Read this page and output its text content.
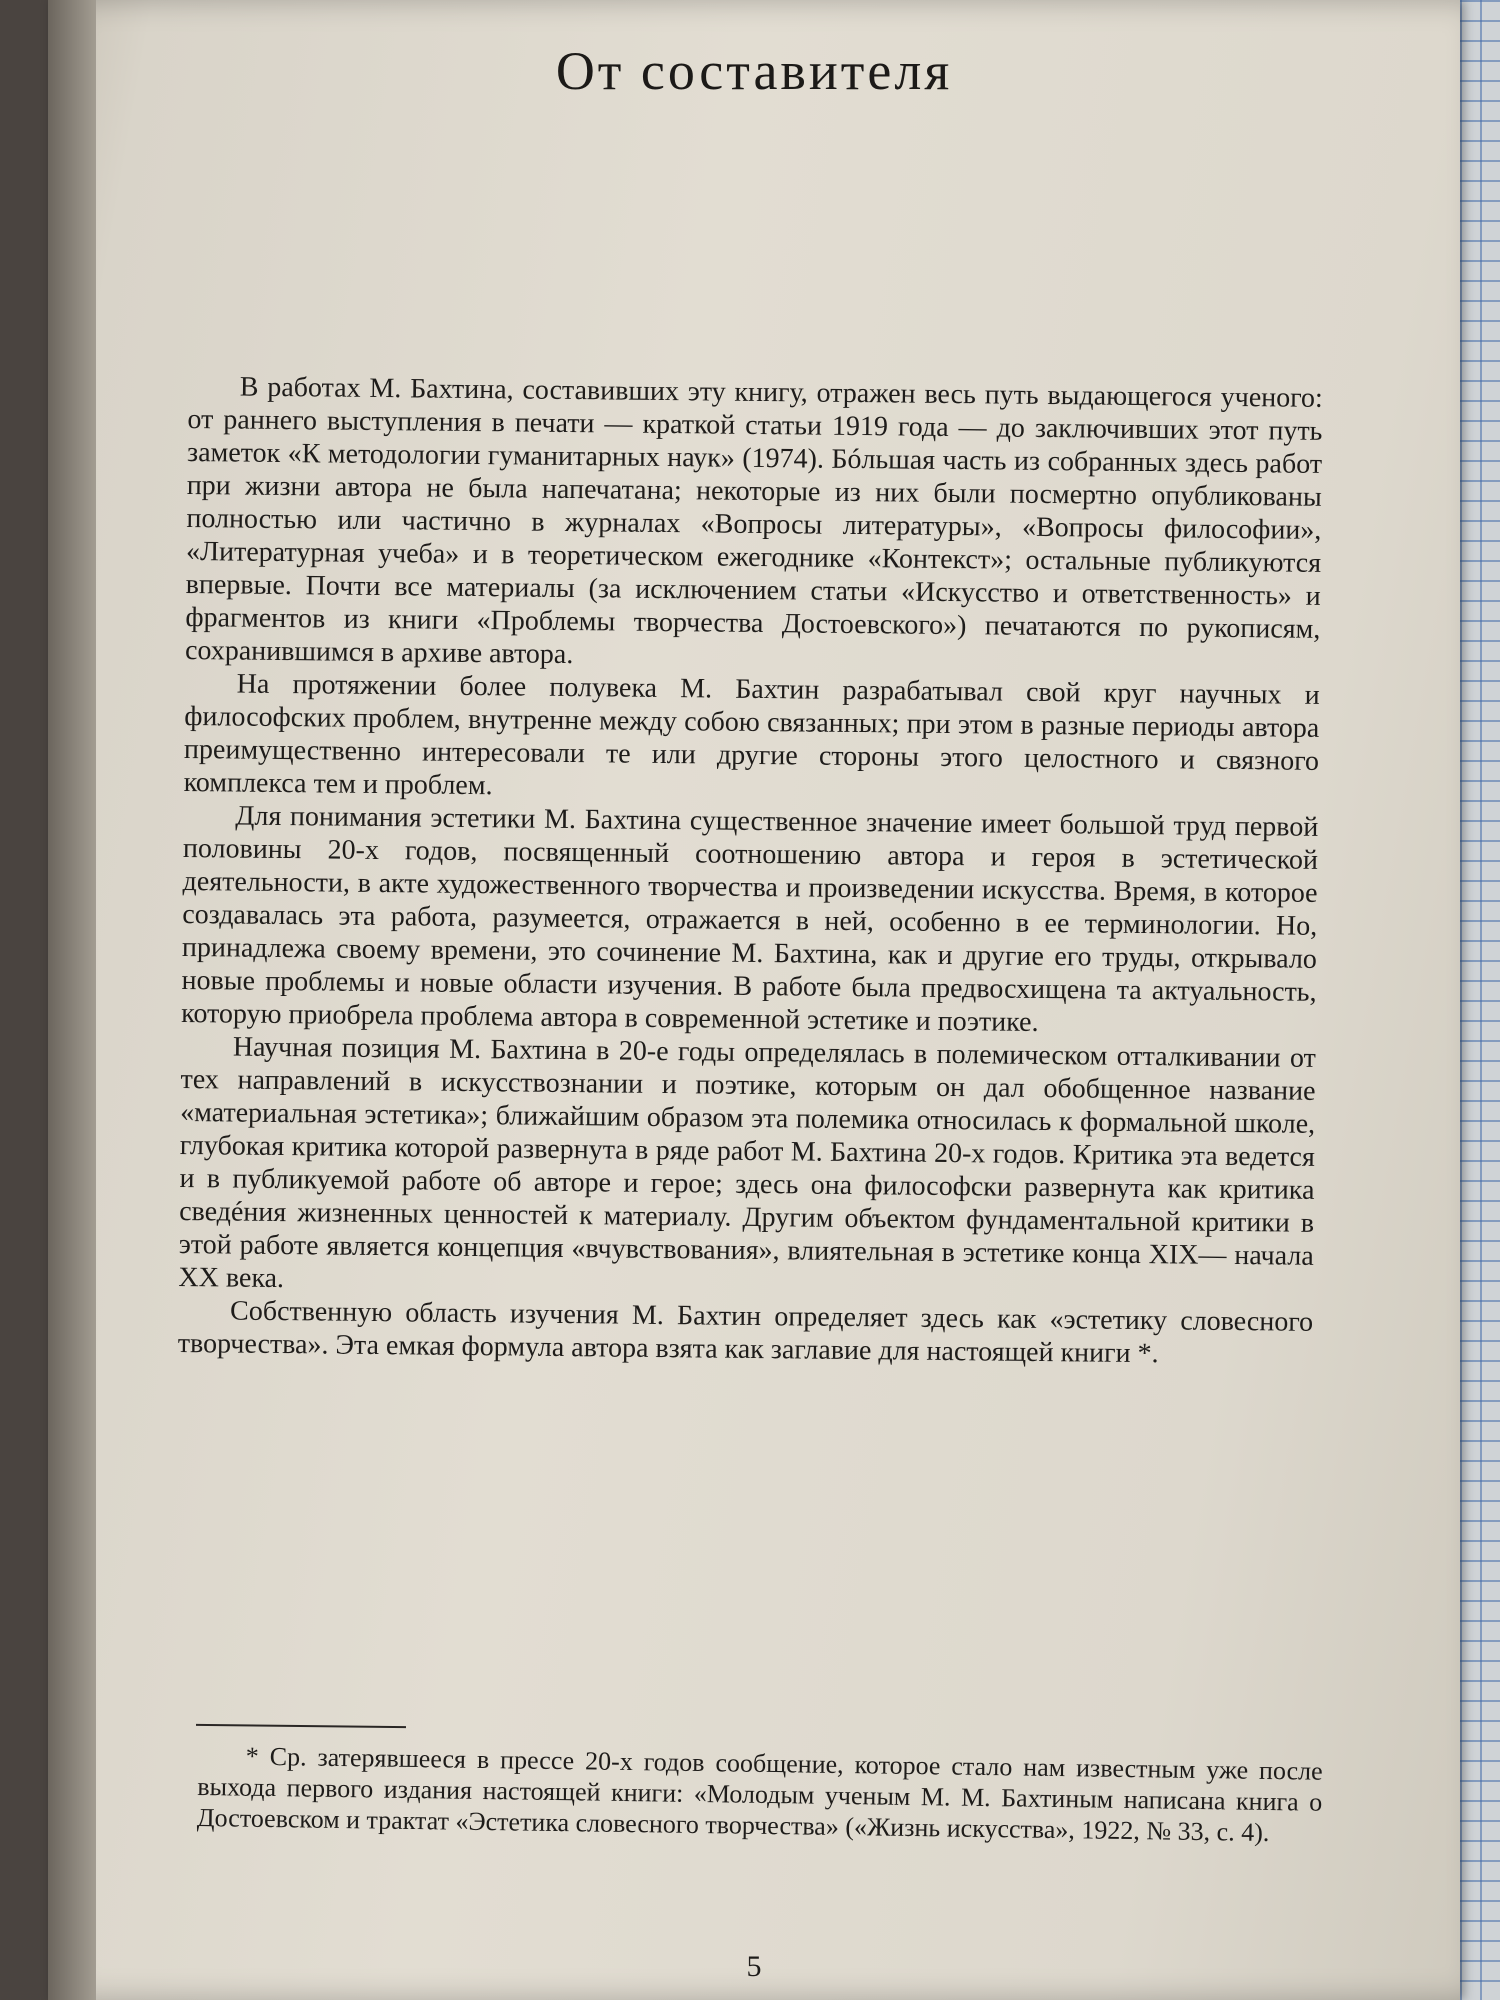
От составителя

В работах М. Бахтина, составивших эту книгу, отражен весь путь выдающегося ученого: от раннего выступления в печати — краткой статьи 1919 года — до заключивших этот путь заметок «К методологии гуманитарных наук» (1974). Бóльшая часть из собранных здесь работ при жизни автора не была напечатана; некоторые из них были посмертно опубликованы полностью или частично в журналах «Вопросы литературы», «Вопросы философии», «Литературная учеба» и в теоретическом ежегоднике «Контекст»; остальные публикуются впервые. Почти все материалы (за исключением статьи «Искусство и ответственность» и фрагментов из книги «Проблемы творчества Достоевского») печатаются по рукописям, сохранившимся в архиве автора.

На протяжении более полувека М. Бахтин разрабатывал свой круг научных и философских проблем, внутренне между собою связанных; при этом в разные периоды автора преимущественно интересовали те или другие стороны этого целостного и связного комплекса тем и проблем.

Для понимания эстетики М. Бахтина существенное значение имеет большой труд первой половины 20-х годов, посвященный соотношению автора и героя в эстетической деятельности, в акте художественного творчества и произведении искусства. Время, в которое создавалась эта работа, разумеется, отражается в ней, особенно в ее терминологии. Но, принадлежа своему времени, это сочинение М. Бахтина, как и другие его труды, открывало новые проблемы и новые области изучения. В работе была предвосхищена та актуальность, которую приобрела проблема автора в современной эстетике и поэтике.

Научная позиция М. Бахтина в 20-е годы определялась в полемическом отталкивании от тех направлений в искусствознании и поэтике, которым он дал обобщенное название «материальная эстетика»; ближайшим образом эта полемика относилась к формальной школе, глубокая критика которой развернута в ряде работ М. Бахтина 20-х годов. Критика эта ведется и в публикуемой работе об авторе и герое; здесь она философски развернута как критика сведéния жизненных ценностей к материалу. Другим объектом фундаментальной критики в этой работе является концепция «вчувствования», влиятельная в эстетике конца XIX— начала XX века.

Собственную область изучения М. Бахтин определяет здесь как «эстетику словесного творчества». Эта емкая формула автора взята как заглавие для настоящей книги *.

* Ср. затерявшееся в прессе 20-х годов сообщение, которое стало нам известным уже после выхода первого издания настоящей книги: «Молодым ученым М. М. Бахтиным написана книга о Достоевском и трактат «Эстетика словесного творчества» («Жизнь искусства», 1922, № 33, с. 4).
5
